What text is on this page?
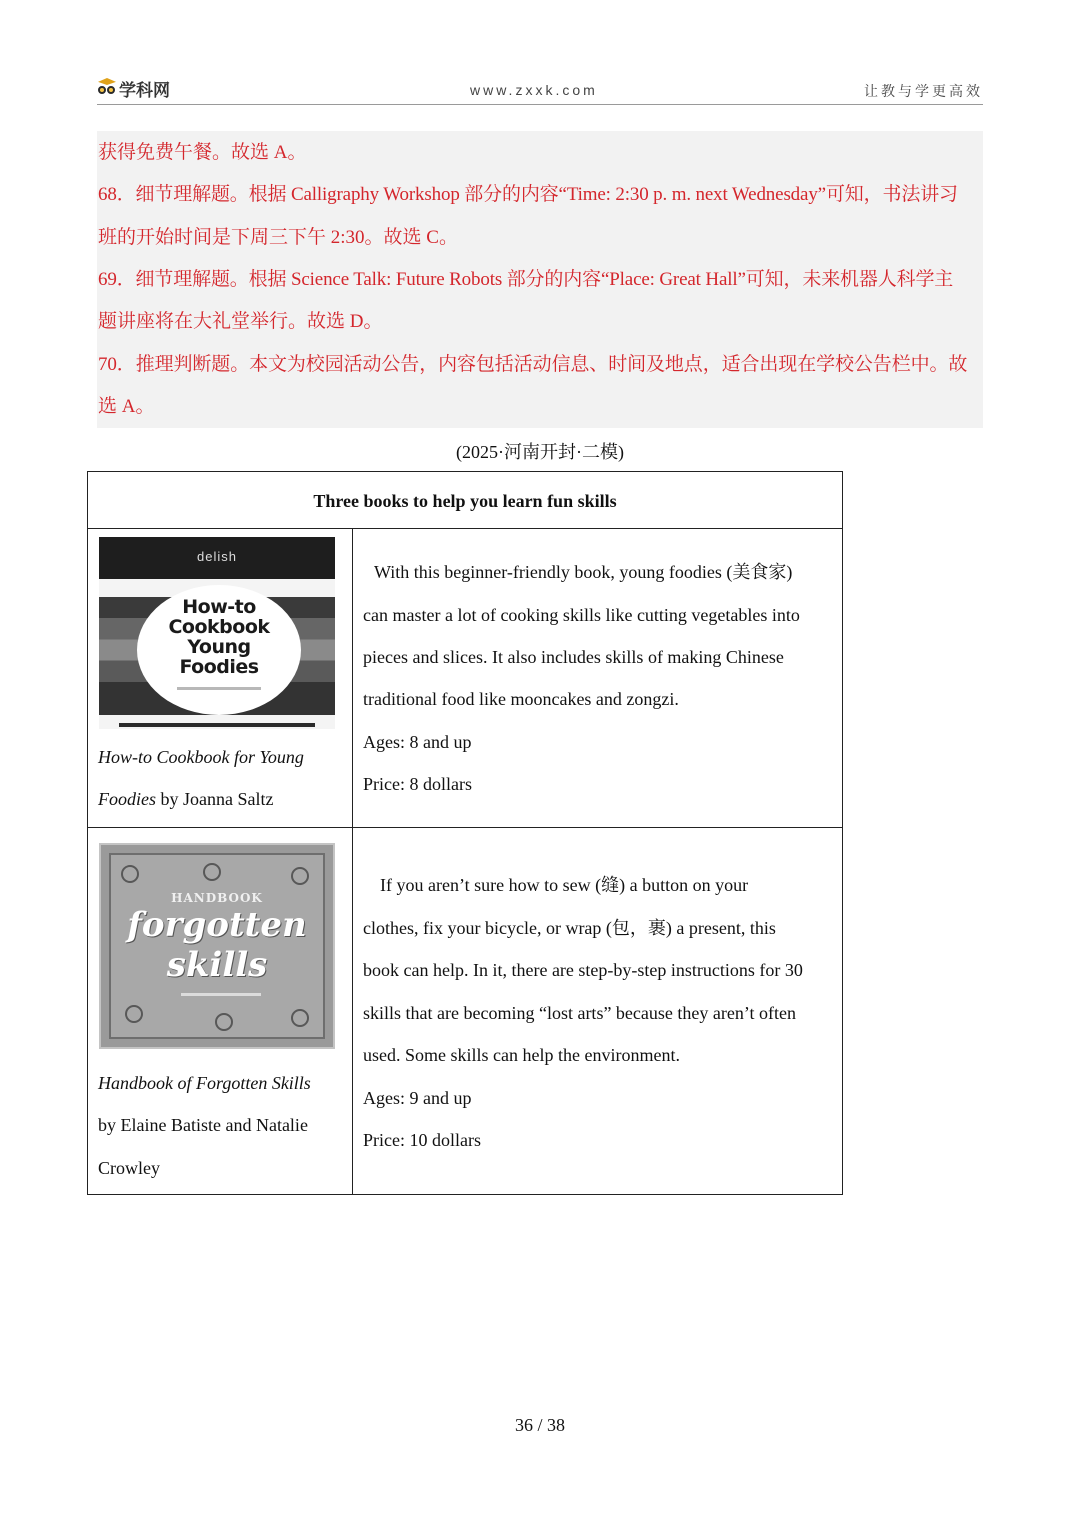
学科网	www.zxxk.com	让教与学更高效
获得免费午餐。故选 A。
68．细节理解题。根据 Calligraphy Workshop 部分的内容“Time: 2:30 p. m. next Wednesday”可知，书法讲习
班的开始时间是下周三下午 2:30。故选 C。
69．细节理解题。根据 Science Talk: Future Robots 部分的内容“Place: Great Hall”可知，未来机器人科学主
题讲座将在大礼堂举行。故选 D。
70．推理判断题。本文为校园活动公告，内容包括活动信息、时间及地点，适合出现在学校公告栏中。故
选 A。
(2025·河南开封·二模)
Three books to help you learn fun skills
delish
How-to
Cookbook
Young
Foodies
How-to Cookbook for Young
Foodies by Joanna Saltz
With this beginner-friendly book, young foodies (美食家)
can master a lot of cooking skills like cutting vegetables into
pieces and slices. It also includes skills of making Chinese
traditional food like mooncakes and zongzi.
Ages: 8 and up
Price: 8 dollars
HANDBOOK
forgotten
skills
Handbook of Forgotten Skills
by Elaine Batiste and Natalie
Crowley
If you aren’t sure how to sew (缝) a button on your
clothes, fix your bicycle, or wrap (包，裹) a present, this
book can help. In it, there are step-by-step instructions for 30
skills that are becoming “lost arts” because they aren’t often
used. Some skills can help the environment.
Ages: 9 and up
Price: 10 dollars
36 / 38
